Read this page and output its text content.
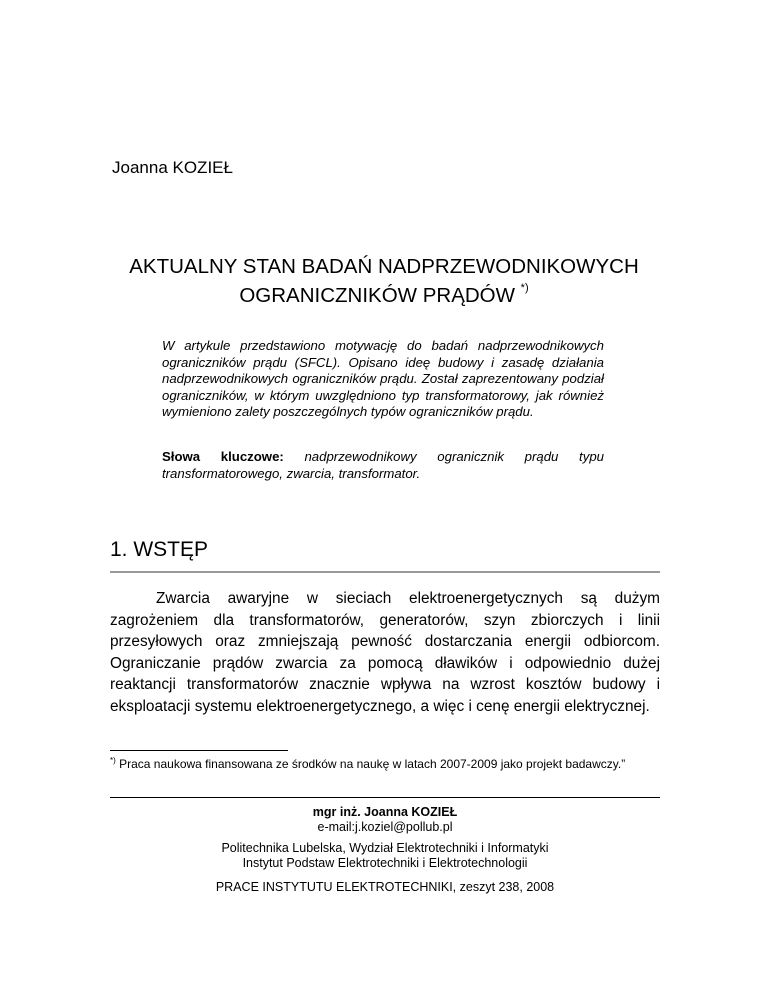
Joanna KOZIEŁ
AKTUALNY STAN BADAŃ NADPRZEWODNIKOWYCH
OGRANICZNIKÓW PRĄDÓW *)
W artykule przedstawiono motywację do badań nadprzewodnikowych ograniczników prądu (SFCL). Opisano ideę budowy i zasadę działania nadprzewodnikowych ograniczników prądu. Został zaprezentowany podział ograniczników, w którym uwzględniono typ transformatorowy, jak również wymieniono zalety poszczególnych typów ograniczników prądu.
Słowa kluczowe: nadprzewodnikowy ogranicznik prądu typu transformatorowego, zwarcia, transformator.
1. WSTĘP
Zwarcia awaryjne w sieciach elektroenergetycznych są dużym zagrożeniem dla transformatorów, generatorów, szyn zbiorczych i linii przesyłowych oraz zmniejszają pewność dostarczania energii odbiorcom. Ograniczanie prądów zwarcia za pomocą dławików i odpowiednio dużej reaktancji transformatorów znacznie wpływa na wzrost kosztów budowy i eksploatacji systemu elektroenergetycznego, a więc i cenę energii elektrycznej.
*) Praca naukowa finansowana ze środków na naukę w latach 2007-2009 jako projekt badawczy.”
mgr inż. Joanna KOZIEŁ
e-mail:j.koziel@pollub.pl
Politechnika Lubelska, Wydział Elektrotechniki i Informatyki
Instytut Podstaw Elektrotechniki i Elektrotechnologii
PRACE INSTYTUTU ELEKTROTECHNIKI, zeszyt 238, 2008
